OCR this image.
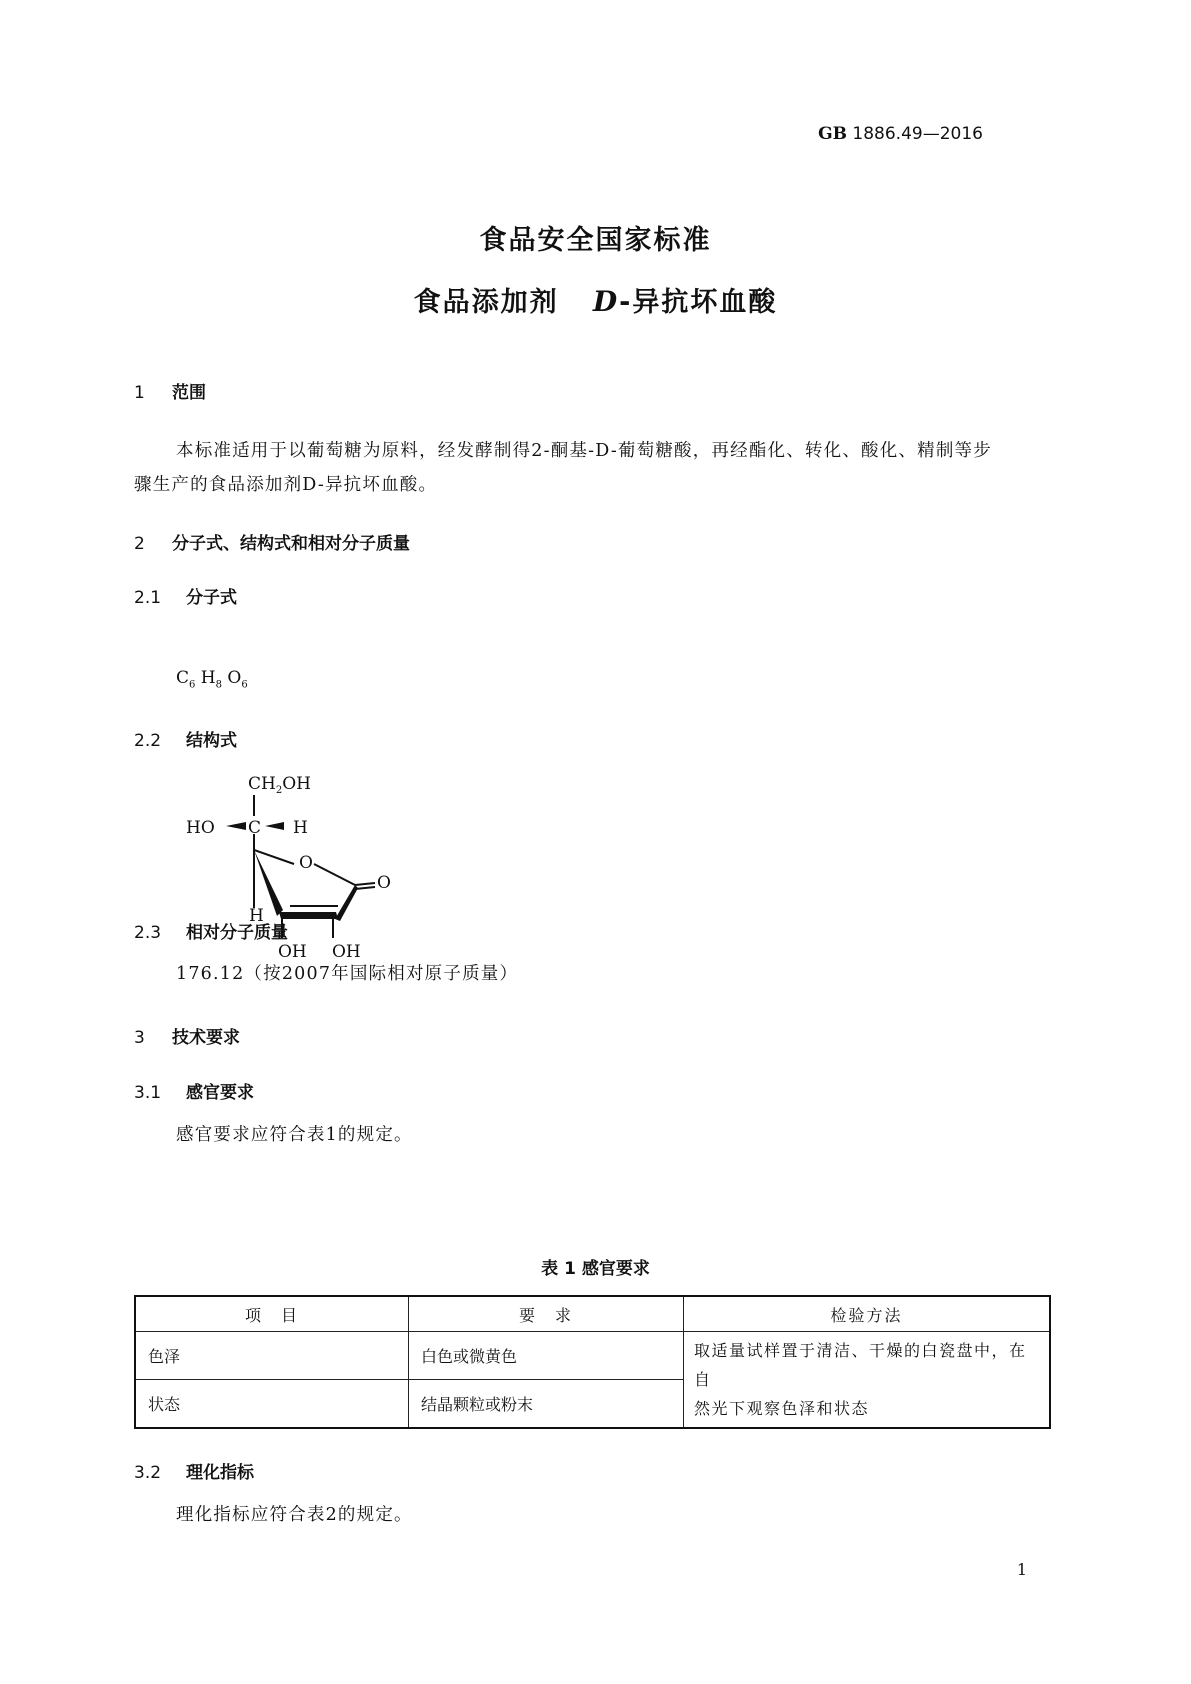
GB 1886.49—2016
食品安全国家标准
食品添加剂 D-异抗坏血酸
1 范围
本标准适用于以葡萄糖为原料，经发酵制得2-酮基-D-葡萄糖酸，再经酯化、转化、酸化、精制等步
骤生产的食品添加剂D-异抗坏血酸。
2 分子式、结构式和相对分子质量
2.1 分子式
$C_6$ $H_8$ $O_6$
2.2 结构式
$CH_2OH$
HO C H
O
O
H
OH OH
2.3 相对分子质量
176.12（按2007年国际相对原子质量）
3 技术要求
3.1 感官要求
感官要求应符合表1的规定。
表 1 感官要求
项　目	要　求	检验方法
色泽	白色或微黄色	取适量试样置于清洁、干燥的白瓷盘中，在自
然光下观察色泽和状态

状态	结晶颗粒或粉末	
3.2 理化指标
理化指标应符合表2的规定。
1
